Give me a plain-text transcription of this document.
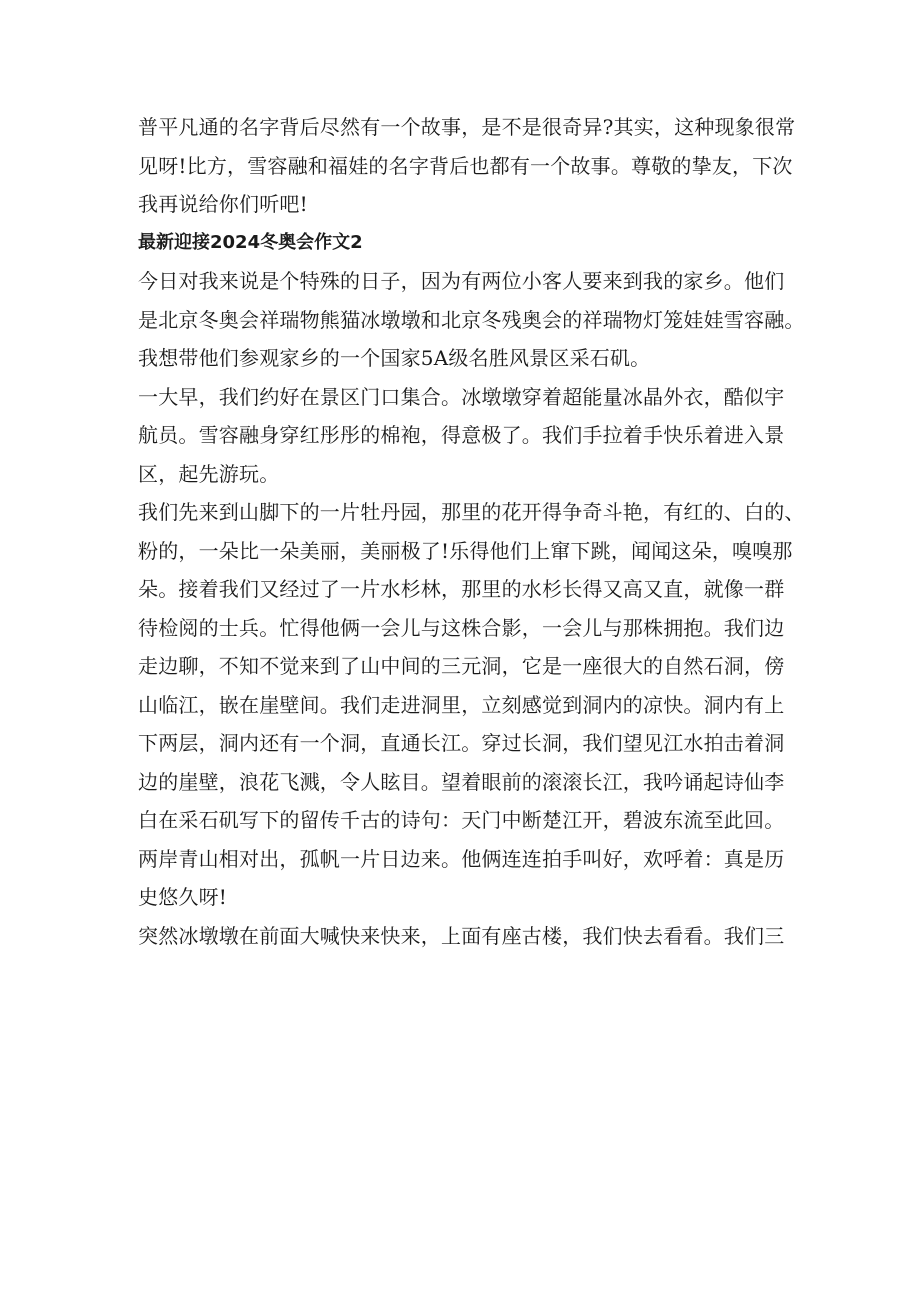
普平凡通的名字背后尽然有一个故事，是不是很奇异?其实，这种现象很常
见呀!比方，雪容融和福娃的名字背后也都有一个故事。尊敬的挚友，下次
我再说给你们听吧!

最新迎接2024冬奥会作文2

今日对我来说是个特殊的日子，因为有两位小客人要来到我的家乡。他们
是北京冬奥会祥瑞物熊猫冰墩墩和北京冬残奥会的祥瑞物灯笼娃娃雪容融。
我想带他们参观家乡的一个国家5A级名胜风景区采石矶。

一大早，我们约好在景区门口集合。冰墩墩穿着超能量冰晶外衣，酷似宇
航员。雪容融身穿红彤彤的棉袍，得意极了。我们手拉着手快乐着进入景
区，起先游玩。

我们先来到山脚下的一片牡丹园，那里的花开得争奇斗艳，有红的、白的、
粉的，一朵比一朵美丽，美丽极了!乐得他们上窜下跳，闻闻这朵，嗅嗅那
朵。接着我们又经过了一片水杉林，那里的水杉长得又高又直，就像一群
待检阅的士兵。忙得他俩一会儿与这株合影，一会儿与那株拥抱。我们边
走边聊，不知不觉来到了山中间的三元洞，它是一座很大的自然石洞，傍
山临江，嵌在崖壁间。我们走进洞里，立刻感觉到洞内的凉快。洞内有上
下两层，洞内还有一个洞，直通长江。穿过长洞，我们望见江水拍击着洞
边的崖壁，浪花飞溅，令人眩目。望着眼前的滚滚长江，我吟诵起诗仙李
白在采石矶写下的留传千古的诗句：天门中断楚江开，碧波东流至此回。
两岸青山相对出，孤帆一片日边来。他俩连连拍手叫好，欢呼着：真是历
史悠久呀!

突然冰墩墩在前面大喊快来快来，上面有座古楼，我们快去看看。我们三
